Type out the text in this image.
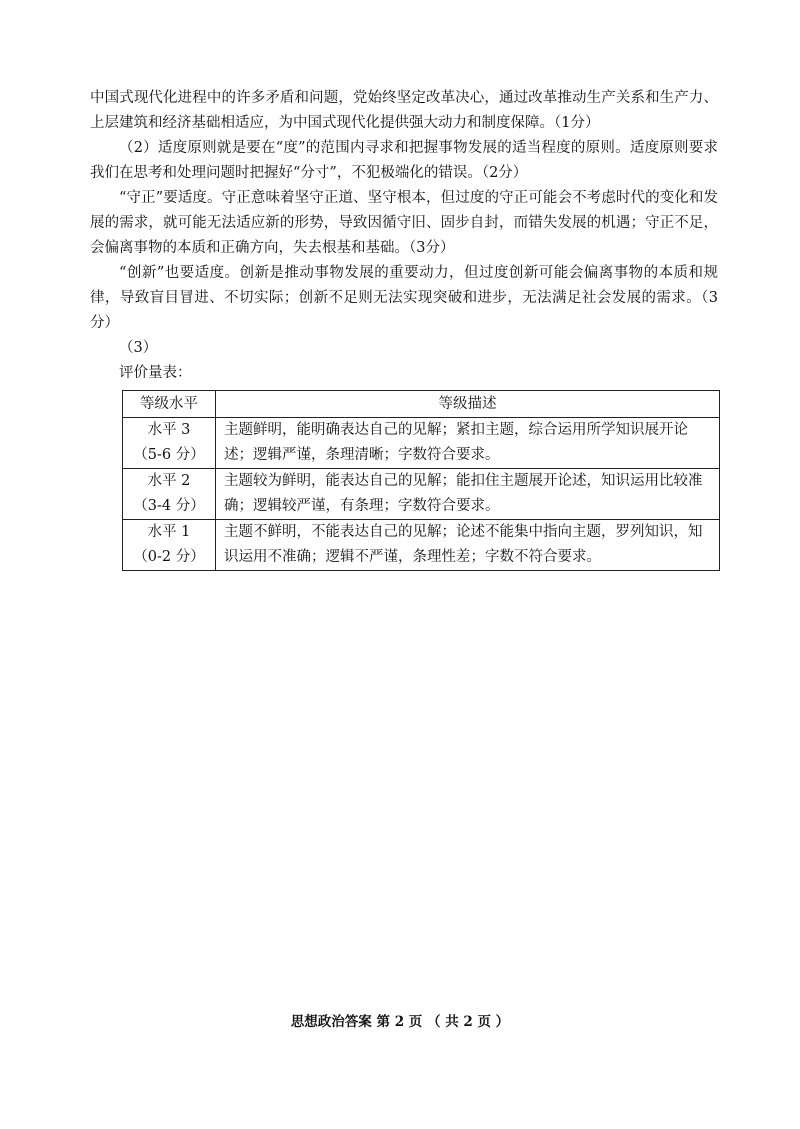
中国式现代化进程中的许多矛盾和问题，党始终坚定改革决心，通过改革推动生产关系和生产力、上层建筑和经济基础相适应，为中国式现代化提供强大动力和制度保障。（1分）

（2）适度原则就是要在“度”的范围内寻求和把握事物发展的适当程度的原则。适度原则要求我们在思考和处理问题时把握好“分寸”，不犯极端化的错误。（2分）

“守正”要适度。守正意味着坚守正道、坚守根本，但过度的守正可能会不考虑时代的变化和发展的需求，就可能无法适应新的形势，导致因循守旧、固步自封，而错失发展的机遇；守正不足，会偏离事物的本质和正确方向，失去根基和基础。（3分）

“创新”也要适度。创新是推动事物发展的重要动力，但过度创新可能会偏离事物的本质和规律，导致盲目冒进、不切实际；创新不足则无法实现突破和进步，无法满足社会发展的需求。（3分）

（3）

评价量表：

等级水平	等级描述

水平 3
（5-6 分）	主题鲜明，能明确表达自己的见解；紧扣主题，综合运用所学知识展开论述；逻辑严谨，条理清晰；字数符合要求。

水平 2
（3-4 分）	主题较为鲜明，能表达自己的见解；能扣住主题展开论述，知识运用比较准确；逻辑较严谨，有条理；字数符合要求。

水平 1
（0-2 分）	主题不鲜明，不能表达自己的见解；论述不能集中指向主题，罗列知识，知识运用不准确；逻辑不严谨，条理性差；字数不符合要求。
思想政治答案 第 2 页 （ 共 2 页 ）
